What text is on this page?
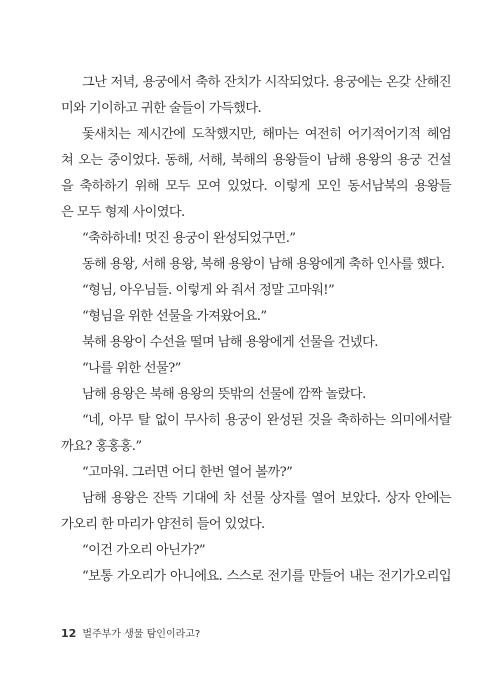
그난 저녁, 용궁에서 축하 잔치가 시작되었다. 용궁에는 온갖 산해진
미와 기이하고 귀한 술들이 가득했다.
돛새치는 제시간에 도착했지만, 해마는 여전히 어기적어기적 헤엄
쳐 오는 중이었다. 동해, 서해, 북해의 용왕들이 남해 용왕의 용궁 건설
을 축하하기 위해 모두 모여 있었다. 이렇게 모인 동서남북의 용왕들
은 모두 형제 사이였다.
“축하하네! 멋진 용궁이 완성되었구먼.”
동해 용왕, 서해 용왕, 북해 용왕이 남해 용왕에게 축하 인사를 했다.
“형님, 아우님들. 이렇게 와 줘서 정말 고마워!”
“형님을 위한 선물을 가져왔어요.”
북해 용왕이 수선을 떨며 남해 용왕에게 선물을 건넸다.
“나를 위한 선물?”
남해 용왕은 북해 용왕의 뜻밖의 선물에 깜짝 놀랐다.
“네, 아무 탈 없이 무사히 용궁이 완성된 것을 축하하는 의미에서랄
까요? 홍홍홍.”
“고마워. 그러면 어디 한번 열어 볼까?”
남해 용왕은 잔뜩 기대에 차 선물 상자를 열어 보았다. 상자 안에는
가오리 한 마리가 얌전히 들어 있었다.
“이건 가오리 아닌가?”
“보통 가오리가 아니에요. 스스로 전기를 만들어 내는 전기가오리입
12 벌주부가 생물 탐인이라고?
